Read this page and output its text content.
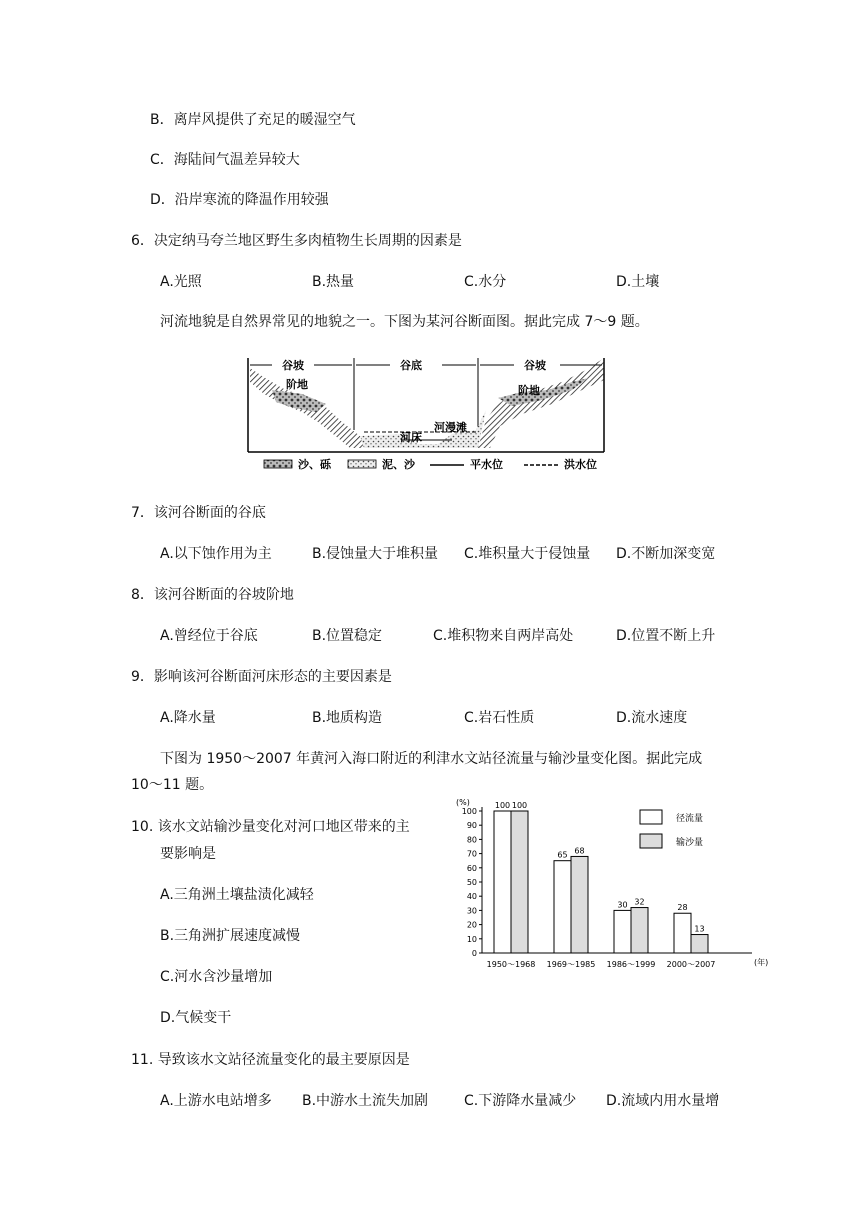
B．离岸风提供了充足的暖湿空气
C．海陆间气温差异较大
D．沿岸寒流的降温作用较强
6．决定纳马夸兰地区野生多肉植物生长周期的因素是
A.光照	B.热量	C.水分	D.土壤
河流地貌是自然界常见的地貌之一。下图为某河谷断面图。据此完成 7～9 题。
谷坡	谷底	谷坡
阶地	阶地
河漫滩
河床
沙、砾	泥、沙	平水位	洪水位
7．该河谷断面的谷底
A.以下蚀作用为主	B.侵蚀量大于堆积量 C.堆积量大于侵蚀量 D.不断加深变宽
8．该河谷断面的谷坡阶地
A.曾经位于谷底	B.位置稳定	C.堆积物来自两岸高处	D.位置不断上升
9．影响该河谷断面河床形态的主要因素是
A.降水量	B.地质构造	C.岩石性质	D.流水速度
下图为 1950～2007 年黄河入海口附近的利津水文站径流量与输沙量变化图。据此完成
10～11 题。
10. 该水文站输沙量变化对河口地区带来的主
要影响是
A.三角洲土壤盐渍化减轻
B.三角洲扩展速度减慢
C.河水含沙量增加
D.气候变干
(%)
0
10
20
30
40
50
60
70
80
90
100
100 100
1950～1968
65 68
1969～1985
30 32
1986～1999
28
13
2000～2007	(年)
径流量
输沙量
11. 导致该水文站径流量变化的最主要原因是
A.上游水电站增多 B.中游水土流失加剧	C.下游降水量减少 D.流域内用水量增
